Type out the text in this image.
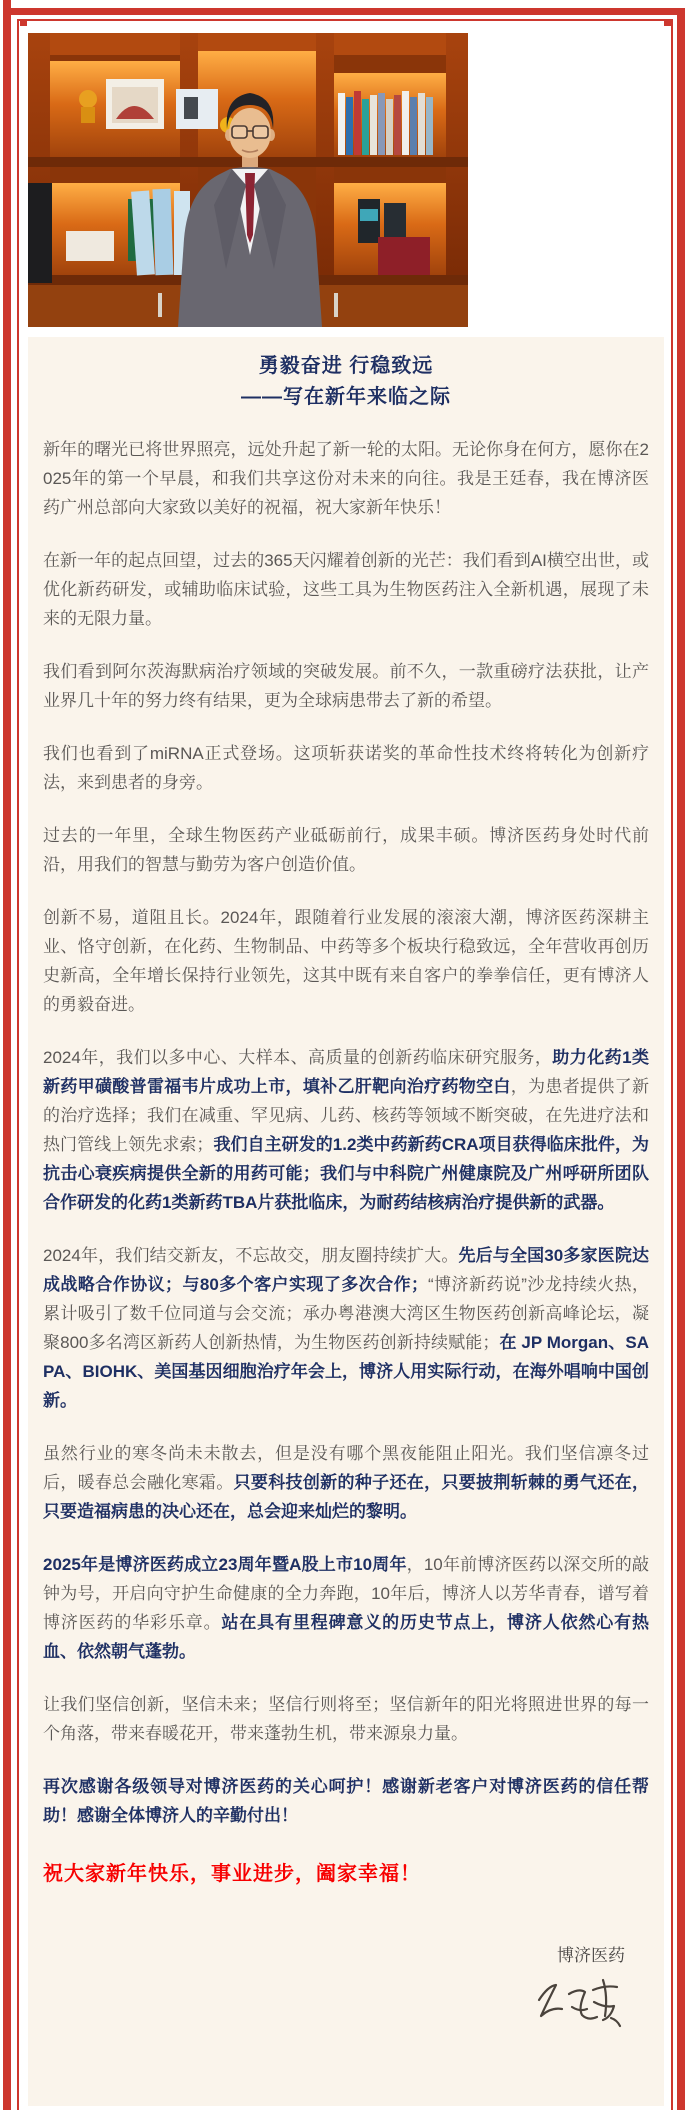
勇毅奋进 行稳致远
——写在新年来临之际

新年的曙光已将世界照亮，远处升起了新一轮的太阳。无论你身在何方，愿你在2025年的第一个早晨，和我们共享这份对未来的向往。我是王廷春，我在博济医药广州总部向大家致以美好的祝福，祝大家新年快乐！

在新一年的起点回望，过去的365天闪耀着创新的光芒：我们看到AI横空出世，或优化新药研发，或辅助临床试验，这些工具为生物医药注入全新机遇，展现了未来的无限力量。

我们看到阿尔茨海默病治疗领域的突破发展。前不久，一款重磅疗法获批，让产业界几十年的努力终有结果，更为全球病患带去了新的希望。

我们也看到了miRNA正式登场。这项斩获诺奖的革命性技术终将转化为创新疗法，来到患者的身旁。

过去的一年里，全球生物医药产业砥砺前行，成果丰硕。博济医药身处时代前沿，用我们的智慧与勤劳为客户创造价值。

创新不易，道阻且长。2024年，跟随着行业发展的滚滚大潮，博济医药深耕主业、恪守创新，在化药、生物制品、中药等多个板块行稳致远，全年营收再创历史新高，全年增长保持行业领先，这其中既有来自客户的拳拳信任，更有博济人的勇毅奋进。

2024年，我们以多中心、大样本、高质量的创新药临床研究服务，助力化药1类新药甲磺酸普雷福韦片成功上市，填补乙肝靶向治疗药物空白，为患者提供了新的治疗选择；我们在减重、罕见病、儿药、核药等领域不断突破，在先进疗法和热门管线上领先求索；我们自主研发的1.2类中药新药CRA项目获得临床批件，为抗击心衰疾病提供全新的用药可能；我们与中科院广州健康院及广州呼研所团队合作研发的化药1类新药TBA片获批临床，为耐药结核病治疗提供新的武器。

2024年，我们结交新友，不忘故交，朋友圈持续扩大。先后与全国30多家医院达成战略合作协议；与80多个客户实现了多次合作；“博济新药说”沙龙持续火热，累计吸引了数千位同道与会交流；承办粤港澳大湾区生物医药创新高峰论坛，凝聚800多名湾区新药人创新热情，为生物医药创新持续赋能；在 JP Morgan、SAPA、BIOHK、美国基因细胞治疗年会上，博济人用实际行动，在海外唱响中国创新。

虽然行业的寒冬尚未未散去，但是没有哪个黑夜能阻止阳光。我们坚信凛冬过后，暖春总会融化寒霜。只要科技创新的种子还在，只要披荆斩棘的勇气还在，只要造福病患的决心还在，总会迎来灿烂的黎明。

2025年是博济医药成立23周年暨A股上市10周年，10年前博济医药以深交所的敲钟为号，开启向守护生命健康的全力奔跑，10年后，博济人以芳华青春，谱写着博济医药的华彩乐章。站在具有里程碑意义的历史节点上，博济人依然心有热血、依然朝气蓬勃。

让我们坚信创新，坚信未来；坚信行则将至；坚信新年的阳光将照进世界的每一个角落，带来春暖花开，带来蓬勃生机，带来源泉力量。

再次感谢各级领导对博济医药的关心呵护！感谢新老客户对博济医药的信任帮助！感谢全体博济人的辛勤付出！

祝大家新年快乐，事业进步，阖家幸福！

博济医药
